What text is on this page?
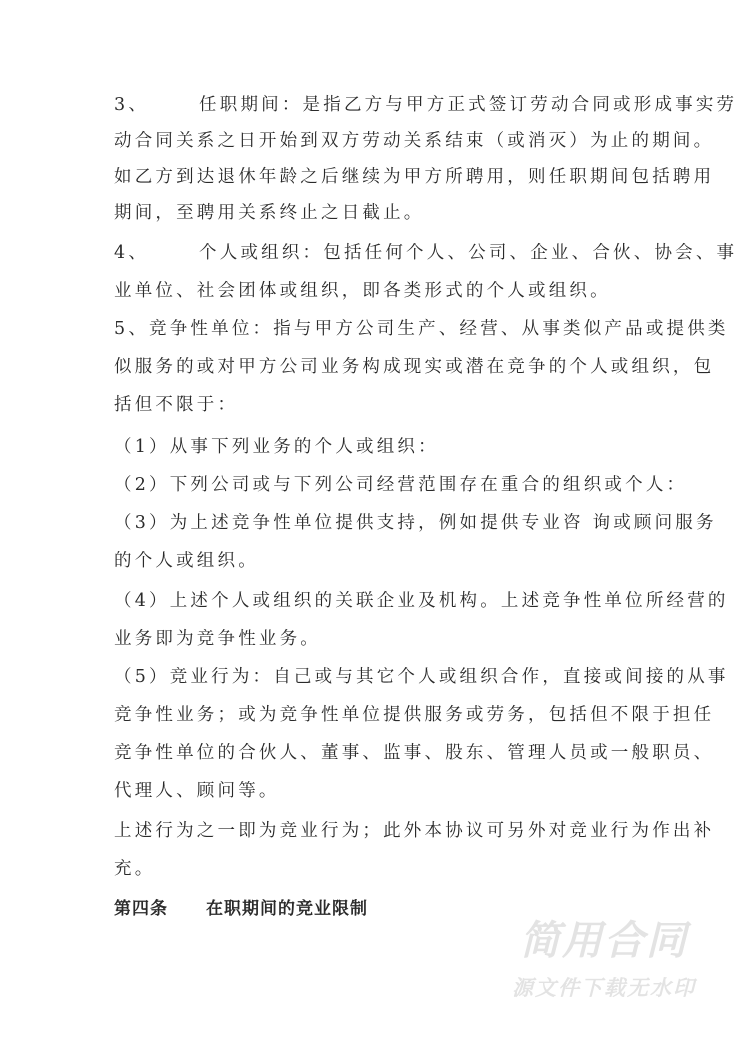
3、	任职期间：是指乙方与甲方正式签订劳动合同或形成事实劳
动合同关系之日开始到双方劳动关系结束（或消灭）为止的期间。
如乙方到达退休年龄之后继续为甲方所聘用，则任职期间包括聘用
期间，至聘用关系终止之日截止。
4、	个人或组织：包括任何个人、公司、企业、合伙、协会、事
业单位、社会团体或组织，即各类形式的个人或组织。
5、竞争性单位：指与甲方公司生产、经营、从事类似产品或提供类
似服务的或对甲方公司业务构成现实或潜在竞争的个人或组织，包
括但不限于：
（1）从事下列业务的个人或组织：
（2）下列公司或与下列公司经营范围存在重合的组织或个人：
（3）为上述竞争性单位提供支持，例如提供专业咨 询或顾问服务
的个人或组织。
（4）上述个人或组织的关联企业及机构。上述竞争性单位所经营的
业务即为竞争性业务。
（5）竞业行为：自己或与其它个人或组织合作，直接或间接的从事
竞争性业务；或为竞争性单位提供服务或劳务，包括但不限于担任
竞争性单位的合伙人、董事、监事、股东、管理人员或一般职员、
代理人、顾问等。
上述行为之一即为竞业行为；此外本协议可另外对竞业行为作出补
充。
第四条 在职期间的竞业限制
简用合同
源文件下载无水印
